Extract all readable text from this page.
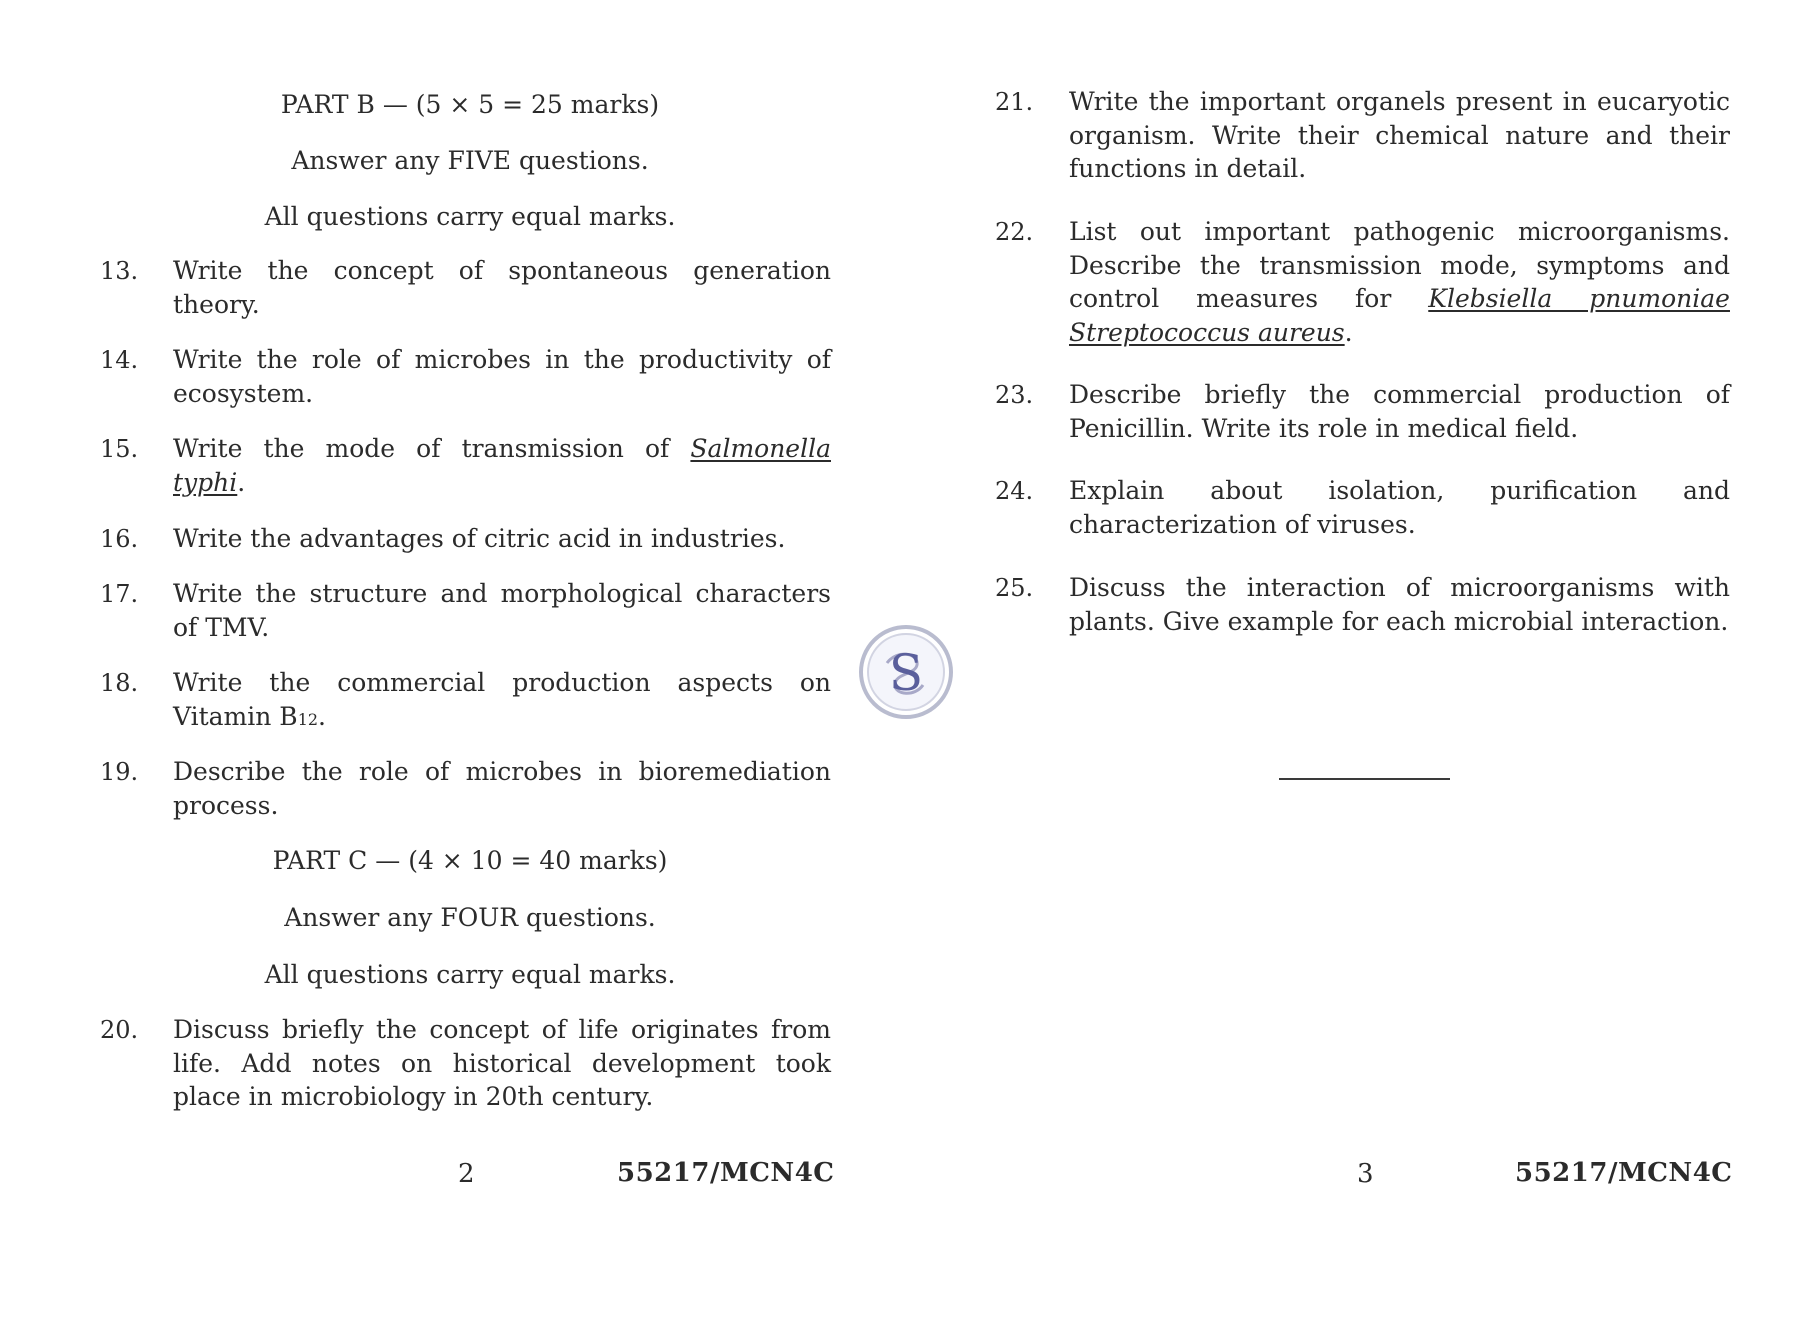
PART B — (5 × 5 = 25 marks)
Answer any FIVE questions.
All questions carry equal marks.
13. Write the concept of spontaneous generation theory.
14. Write the role of microbes in the productivity of ecosystem.
15. Write the mode of transmission of Salmonella typhi.
16. Write the advantages of citric acid in industries.
17. Write the structure and morphological characters of TMV.
18. Write the commercial production aspects on Vitamin B12.
19. Describe the role of microbes in bioremediation process.
PART C — (4 × 10 = 40 marks)
Answer any FOUR questions.
All questions carry equal marks.
20. Discuss briefly the concept of life originates from life. Add notes on historical development took place in microbiology in 20th century.
2	55217/MCN4C
21. Write the important organels present in eucaryotic organism. Write their chemical nature and their functions in detail.
22. List out important pathogenic microorganisms. Describe the transmission mode, symptoms and control measures for Klebsiella pnumoniae Streptococcus aureus.
23. Describe briefly the commercial production of Penicillin. Write its role in medical field.
24. Explain about isolation, purification and characterization of viruses.
25. Discuss the interaction of microorganisms with plants. Give example for each microbial interaction.
3	55217/MCN4C
S
